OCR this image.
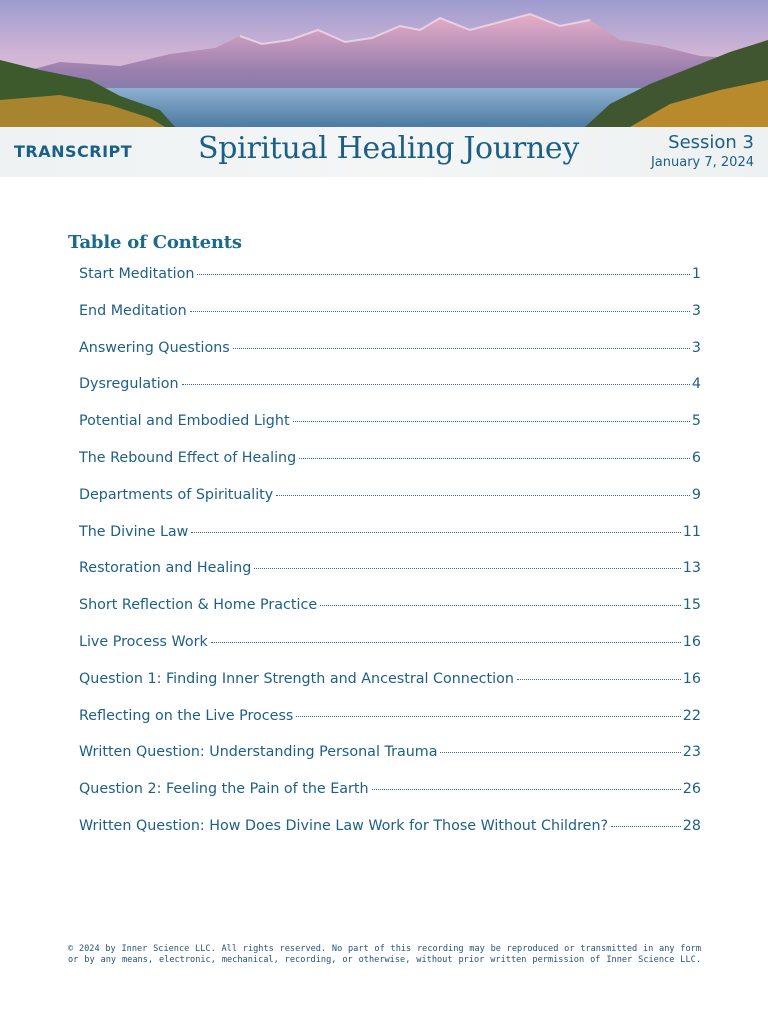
TRANSCRIPT Spiritual Healing Journey	Session 3
January 7, 2024
Table of Contents
Start Meditation	1
End Meditation	3
Answering Questions	3
Dysregulation	4
Potential and Embodied Light	5
The Rebound Effect of Healing	6
Departments of Spirituality	9
The Divine Law	11
Restoration and Healing	13
Short Reflection & Home Practice	15
Live Process Work	16
Question 1: Finding Inner Strength and Ancestral Connection	16
Reflecting on the Live Process	22
Written Question: Understanding Personal Trauma	23
Question 2: Feeling the Pain of the Earth	26
Written Question: How Does Divine Law Work for Those Without Children?	28
© 2024 by Inner Science LLC. All rights reserved. No part of this recording may be reproduced or transmitted in any form
or by any means, electronic, mechanical, recording, or otherwise, without prior written permission of Inner Science LLC.
